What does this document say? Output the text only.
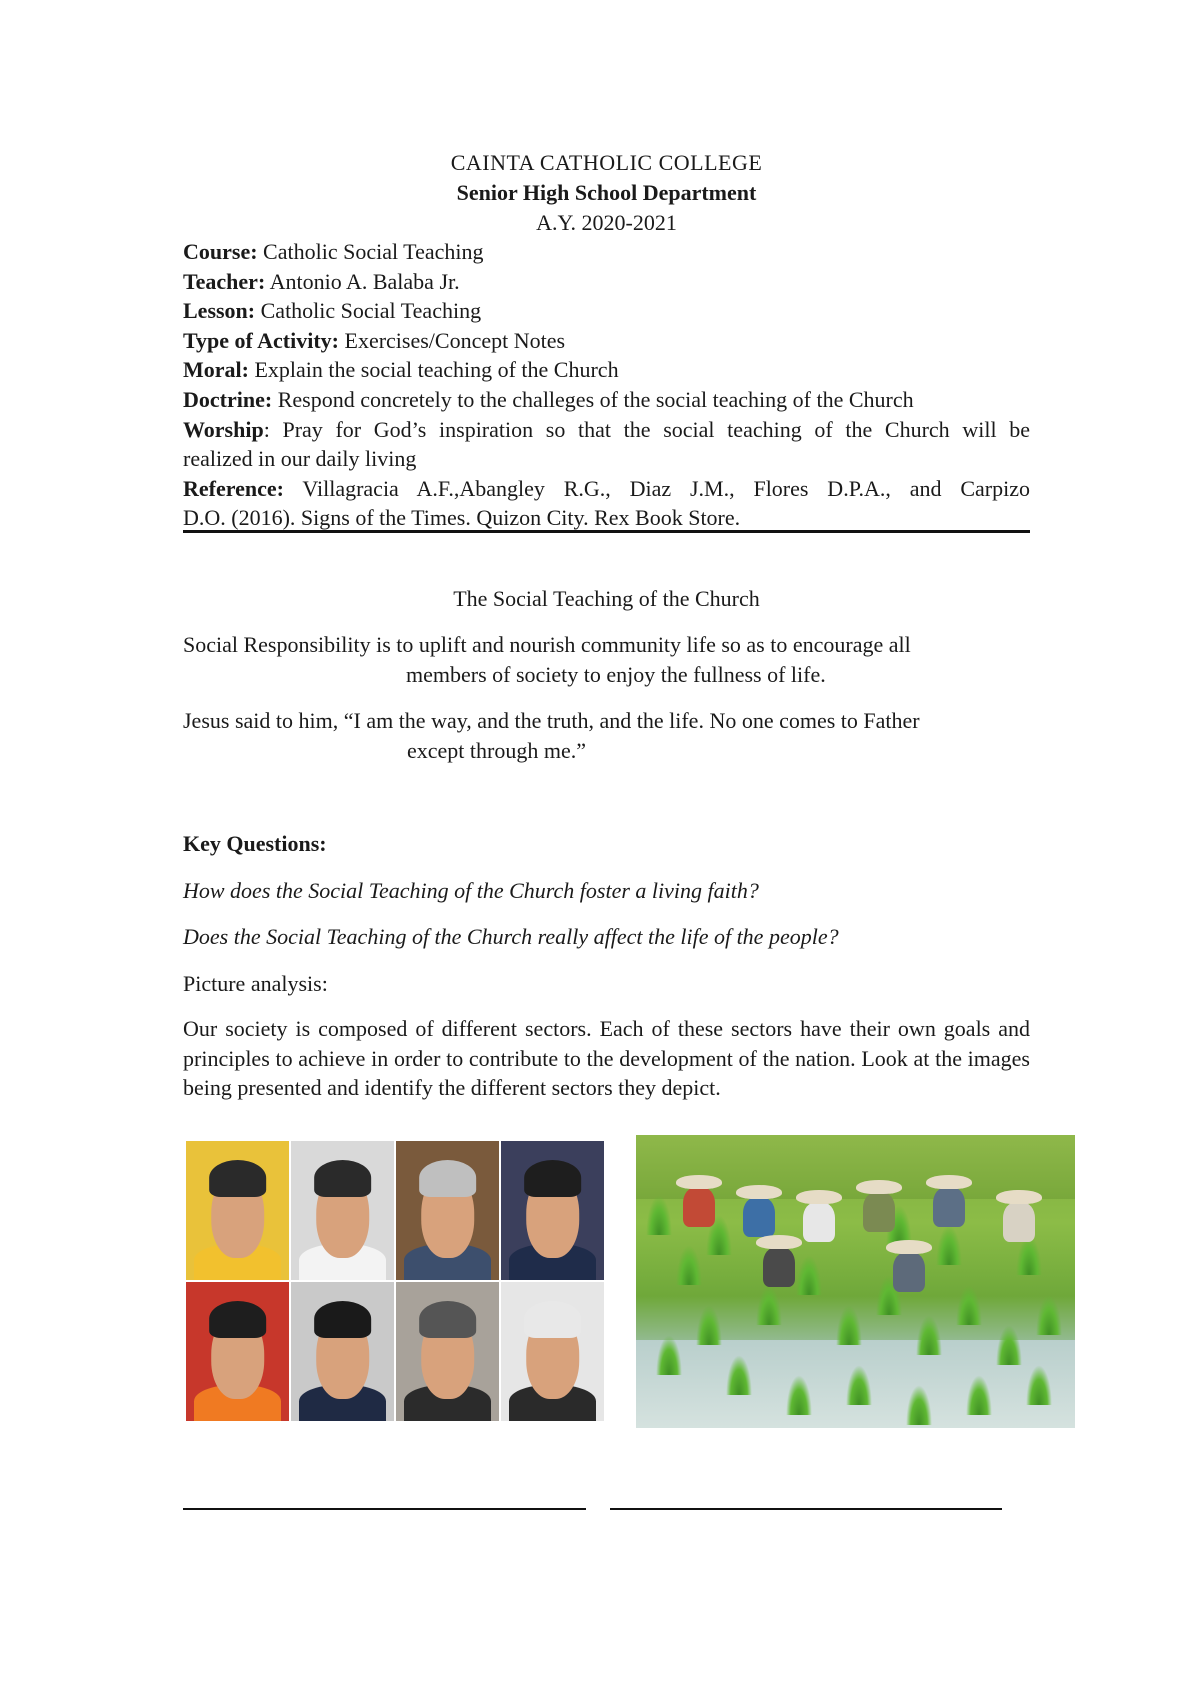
CAINTA CATHOLIC COLLEGE
Senior High School Department
A.Y. 2020-2021
Course: Catholic Social Teaching
Teacher: Antonio A. Balaba Jr.
Lesson: Catholic Social Teaching
Type of Activity: Exercises/Concept Notes
Moral: Explain the social teaching of the Church
Doctrine: Respond concretely to the challeges of the social teaching of the Church
Worship: Pray for God’s inspiration so that the social teaching of the Church will be
realized in our daily living
Reference: Villagracia A.F.,Abangley R.G., Diaz J.M., Flores D.P.A., and Carpizo
D.O. (2016). Signs of the Times. Quizon City. Rex Book Store.
The Social Teaching of the Church
Social Responsibility is to uplift and nourish community life so as to encourage all
members of society to enjoy the fullness of life.
Jesus said to him, “I am the way, and the truth, and the life. No one comes to Father
except through me.”
Key Questions:
How does the Social Teaching of the Church foster a living faith?
Does the Social Teaching of the Church really affect the life of the people?
Picture analysis:
Our society is composed of different sectors. Each of these sectors have their own goals and principles to achieve in order to contribute to the development of the nation. Look at the images being presented and identify the different sectors they depict.
